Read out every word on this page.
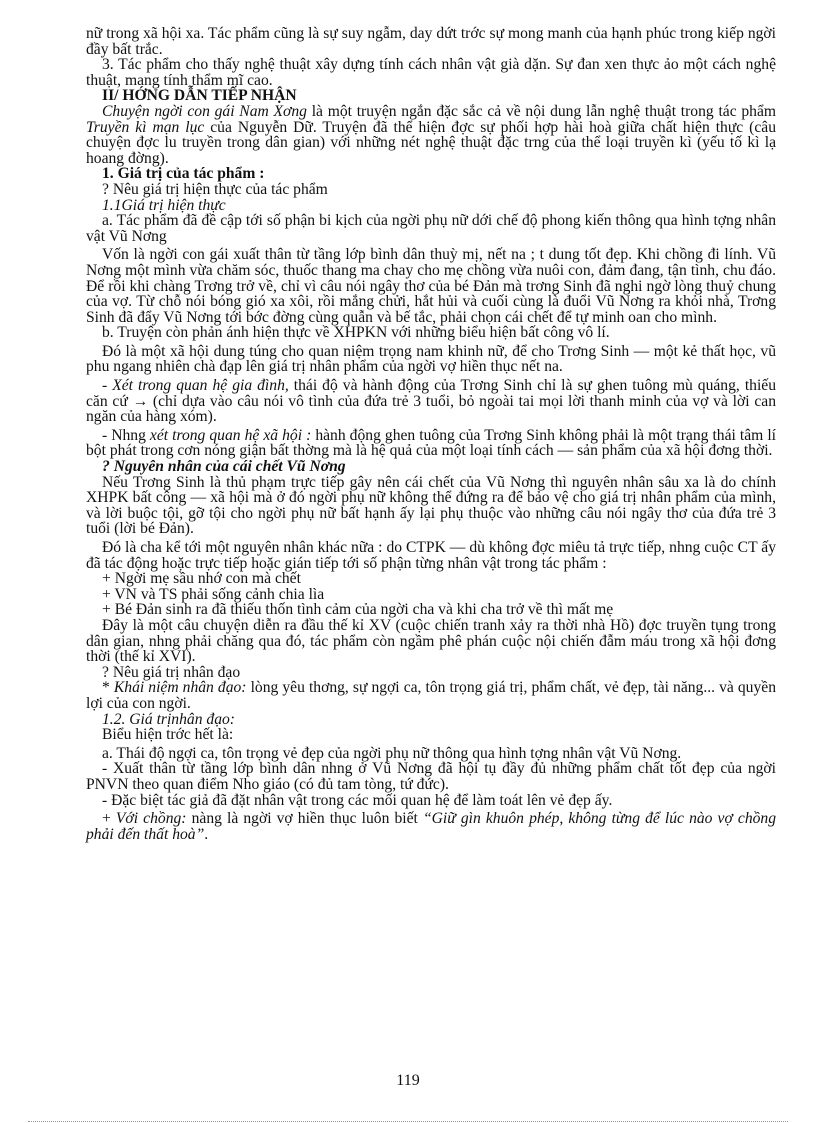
nữ trong xã hội xa. Tác phẩm cũng là sự suy ngẫm, day dứt trớc sự mong manh của hạnh phúc trong kiếp ngời đầy bất trắc.

3. Tác phẩm cho thấy nghệ thuật xây dựng tính cách nhân vật già dặn. Sự đan xen thực ảo một cách nghệ thuật, mang tính thẩm mĩ cao.

II/ HỚNG DẪN TIẾP NHẬN

Chuyện ngời con gái Nam Xơng là một truyện ngắn đặc sắc cả về nội dung lẫn nghệ thuật trong tác phẩm Truyền kì mạn lục của Nguyễn Dữ. Truyện đã thể hiện đợc sự phối hợp hài hoà giữa chất hiện thực (câu chuyện đợc lu truyền trong dân gian) với những nét nghệ thuật đặc trng của thể loại truyền kì (yếu tố kì lạ hoang đờng).

1. Giá trị của tác phẩm :

? Nêu giá trị hiện thực của tác phẩm

1.1Giá trị hiện thực

a. Tác phẩm đã đề cập tới số phận bi kịch của ngời phụ nữ dới chế độ phong kiến thông qua hình tợng nhân vật Vũ Nơng

Vốn là ngời con gái xuất thân từ tầng lớp bình dân thuỳ mị, nết na ; t dung tốt đẹp. Khi chồng đi lính. Vũ Nơng một mình vừa chăm sóc, thuốc thang ma chay cho mẹ chồng vừa nuôi con, đảm đang, tận tình, chu đáo. Để rồi khi chàng Trơng trở về, chỉ vì câu nói ngây thơ của bé Đản mà trơng Sinh đã nghi ngờ lòng thuỷ chung của vợ. Từ chỗ nói bóng gió xa xôi, rồi mắng chửi, hắt hủi và cuối cùng là đuổi Vũ Nơng ra khỏi nhà, Trơng Sinh đã đẩy Vũ Nơng tới bớc đờng cùng quẫn và bế tắc, phải chọn cái chết để tự minh oan cho mình.

b. Truyện còn phản ánh hiện thực về XHPKN với những biểu hiện bất công vô lí.

Đó là một xã hội dung túng cho quan niệm trọng nam khinh nữ, để cho Trơng Sinh — một kẻ thất học, vũ phu ngang nhiên chà đạp lên giá trị nhân phẩm của ngời vợ hiền thục nết na.

- Xét trong quan hệ gia đình, thái độ và hành động của Trơng Sinh chỉ là sự ghen tuông mù quáng, thiếu căn cứ → (chỉ dựa vào câu nói vô tình của đứa trẻ 3 tuổi, bỏ ngoài tai mọi lời thanh minh của vợ và lời can ngăn của hàng xóm).

- Nhng xét trong quan hệ xã hội : hành động ghen tuông của Trơng Sinh không phải là một trạng thái tâm lí bột phát trong cơn nóng giận bất thờng mà là hệ quả của một loại tính cách — sản phẩm của xã hội đơng thời.

? Nguyên nhân của cái chết Vũ Nơng

Nếu Trơng Sinh là thủ phạm trực tiếp gây nên cái chết của Vũ Nơng thì nguyên nhân sâu xa là do chính XHPK bất công — xã hội mà ở đó ngời phụ nữ không thể đứng ra để bảo vệ cho giá trị nhân phẩm của mình, và lời buộc tội, gỡ tội cho ngời phụ nữ bất hạnh ấy lại phụ thuộc vào những câu nói ngây thơ của đứa trẻ 3 tuổi (lời bé Đản).

Đó là cha kể tới một nguyên nhân khác nữa : do CTPK — dù không đợc miêu tả trực tiếp, nhng cuộc CT ấy đã tác động hoặc trực tiếp hoặc gián tiếp tới số phận từng nhân vật trong tác phẩm :

+ Ngời mẹ sầu nhớ con mà chết

+ VN và TS phải sống cảnh chia lìa

+ Bé Đản sinh ra đã thiếu thốn tình cảm của ngời cha và khi cha trở về thì mất mẹ

Đây là một câu chuyện diễn ra đầu thế kỉ XV (cuộc chiến tranh xảy ra thời nhà Hồ) đợc truyền tụng trong dân gian, nhng phải chăng qua đó, tác phẩm còn ngầm phê phán cuộc nội chiến đẫm máu trong xã hội đơng thời (thế kỉ XVI).

? Nêu giá trị nhân đạo

* Khái niệm nhân đạo: lòng yêu thơng, sự ngợi ca, tôn trọng giá trị, phẩm chất, vẻ đẹp, tài năng... và quyền lợi của con ngời.

1.2. Giá trịnhân đạo:

Biểu hiện trớc hết là:

a. Thái độ ngợi ca, tôn trọng vẻ đẹp của ngời phụ nữ thông qua hình tợng nhân vật Vũ Nơng.

- Xuất thân từ tầng lớp bình dân nhng ở Vũ Nơng đã hội tụ đầy đủ những phẩm chất tốt đẹp của ngời PNVN theo quan điểm Nho giáo (có đủ tam tòng, tứ đức).

- Đặc biệt tác giả đã đặt nhân vật trong các mối quan hệ để làm toát lên vẻ đẹp ấy.

+ Với chồng: nàng là ngời vợ hiền thục luôn biết “Giữ gìn khuôn phép, không từng để lúc nào vợ chồng phải đến thất hoà”.

119
